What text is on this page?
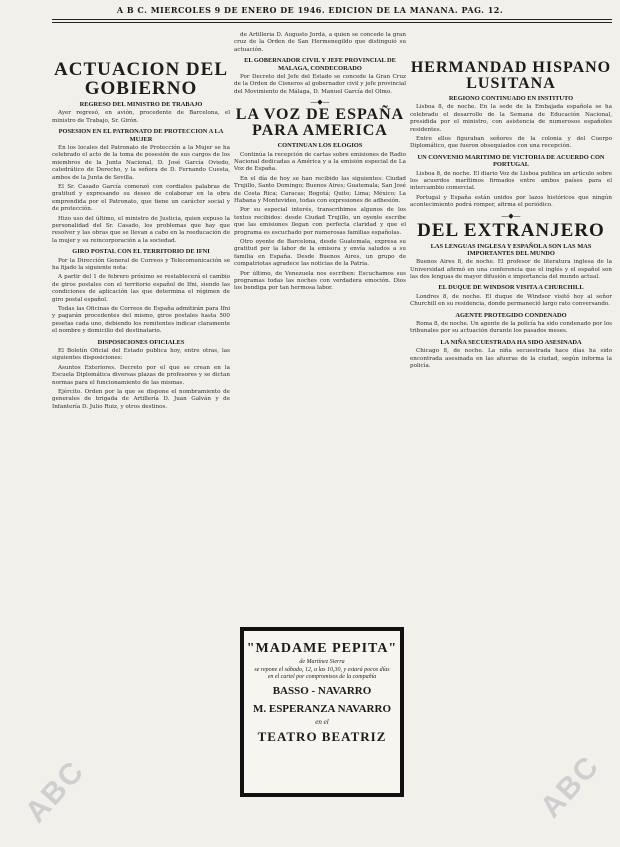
A B C. MIERCOLES 9 DE ENERO DE 1946. EDICION DE LA MANANA. PAG. 12.
ACTUACION DEL GOBIERNO
REGRESO DEL MINISTRO DE TRABAJO
Ayer regresó, en avión, procedente de Barcelona, el ministro de Trabajo, Sr. Girón.
POSESION EN EL PATRONATO DE PROTECCION A LA MUJER
En los locales del Patronato de Protección a la Mujer se ha celebrado el acto de la toma de posesión de sus cargos de los miembros de la Junta Nacional, D. José García Oviedo, catedrático de Derecho, y la señora de D. Fernando Cuesta, ambos de la Junta de Sevilla.
El Sr. Casado García comenzó con cordiales palabras de gratitud y expresando su deseo de colaborar en la obra emprendida por el Patronato, que tiene un carácter social y de protección.
Hizo uso del último, el ministro de Justicia, quien expuso la personalidad del Sr. Casado, los problemas que hay que resolver y las obras que se llevan a cabo en la reeducación de la mujer y su reincorporación a la sociedad.
GIRO POSTAL CON EL TERRITORIO DE IFNI
Por la Dirección General de Correos y Telecomunicación se ha fijado la siguiente nota:
A partir del 1 de febrero próximo se restablecerá el cambio de giros postales con el territorio español de Ifni, siendo las condiciones de aplicación las que determina el régimen de giro postal español.
Todas las Oficinas de Correos de España admitirán para Ifni y pagarán procedentes del mismo, giros postales hasta 500 pesetas cada uno, debiendo los remitentes indicar claramente el nombre y domicilio del destinatario.
DISPOSICIONES OFICIALES
El Boletín Oficial del Estado publica hoy, entre otras, las siguientes disposiciones:
Asuntos Exteriores. Decreto por el que se crean en la Escuela Diplomática diversas plazas de profesores y se dictan normas para el funcionamiento de las mismas.
Ejército. Orden por la que se dispone el nombramiento de generales de brigada de Artillería D. Juan Galván y de Infantería D. Julio Ruiz, y otros destinos.
de Artillería D. Augusto Jordá, a quien se concede la gran cruz de la Orden de San Hermenegildo que distinguió su actuación.
EL GOBERNADOR CIVIL Y JEFE PROVINCIAL DE MALAGA, CONDECORADO
Por Decreto del Jefe del Estado se concede la Gran Cruz de la Orden de Cisneros al gobernador civil y jefe provincial del Movimiento de Málaga, D. Manuel García del Olmo.
—◆—
LA VOZ DE ESPAÑA PARA AMERICA
CONTINUAN LOS ELOGIOS
Continúa la recepción de cartas sobre emisiones de Radio Nacional dedicadas a América y a la emisión especial de La Voz de España.
En el día de hoy se han recibido las siguientes: Ciudad Trujillo, Santo Domingo; Buenos Aires; Guatemala; San José de Costa Rica; Caracas; Bogotá; Quito; Lima; México; La Habana y Montevideo, todas con expresiones de adhesión.
Por su especial interés, transcribimos algunos de los textos recibidos: desde Ciudad Trujillo, un oyente escribe que las emisiones llegan con perfecta claridad y que el programa es escuchado por numerosas familias españolas.
Otro oyente de Barcelona, desde Guatemala, expresa su gratitud por la labor de la emisora y envía saludos a su familia en España. Desde Buenos Aires, un grupo de compatriotas agradece las noticias de la Patria.
Por último, de Venezuela nos escriben: Escuchamos sus programas todas las noches con verdadera emoción. Dios los bendiga por tan hermosa labor.
"MADAME PEPITA"
de Martínez Sierra
se repone el sábado, 12, a las 10,30, y estará pocos días en el cartel por compromisos de la compañía
BASSO - NAVARRO
M. ESPERANZA NAVARRO
en el
TEATRO BEATRIZ
HERMANDAD HISPANO LUSITANA
REGIONO CONTINUADO EN INSTITUTO
Lisboa 8, de noche. En la sede de la Embajada española se ha celebrado el desarrollo de la Semana de Educación Nacional, presidida por el ministro, con asistencia de numerosos españoles residentes.
Entre ellos figuraban señores de la colonia y del Cuerpo Diplomático, que fueron obsequiados con una recepción.
UN CONVENIO MARITIMO DE VICTORIA DE ACUERDO CON PORTUGAL
Lisboa 8, de noche. El diario Voz de Lisboa publica un artículo sobre los acuerdos marítimos firmados entre ambos países para el intercambio comercial.
Portugal y España están unidos por lazos históricos que ningún acontecimiento podrá romper, afirma el periódico.
—◆—
DEL EXTRANJERO
LAS LENGUAS INGLESA Y ESPAÑOLA SON LAS MAS IMPORTANTES DEL MUNDO
Buenos Aires 8, de noche. El profesor de literatura inglesa de la Universidad afirmó en una conferencia que el inglés y el español son las dos lenguas de mayor difusión e importancia del mundo actual.
EL DUQUE DE WINDSOR VISITA A CHURCHILL
Londres 8, de noche. El duque de Windsor visitó hoy al señor Churchill en su residencia, donde permaneció largo rato conversando.
AGENTE PROTEGIDO CONDENADO
Roma 8, de noche. Un agente de la policía ha sido condenado por los tribunales por su actuación durante los pasados meses.
LA NIÑA SECUESTRADA HA SIDO ASESINADA
Chicago 8, de noche. La niña secuestrada hace días ha sido encontrada asesinada en las afueras de la ciudad, según informa la policía.
ABC	ABC
